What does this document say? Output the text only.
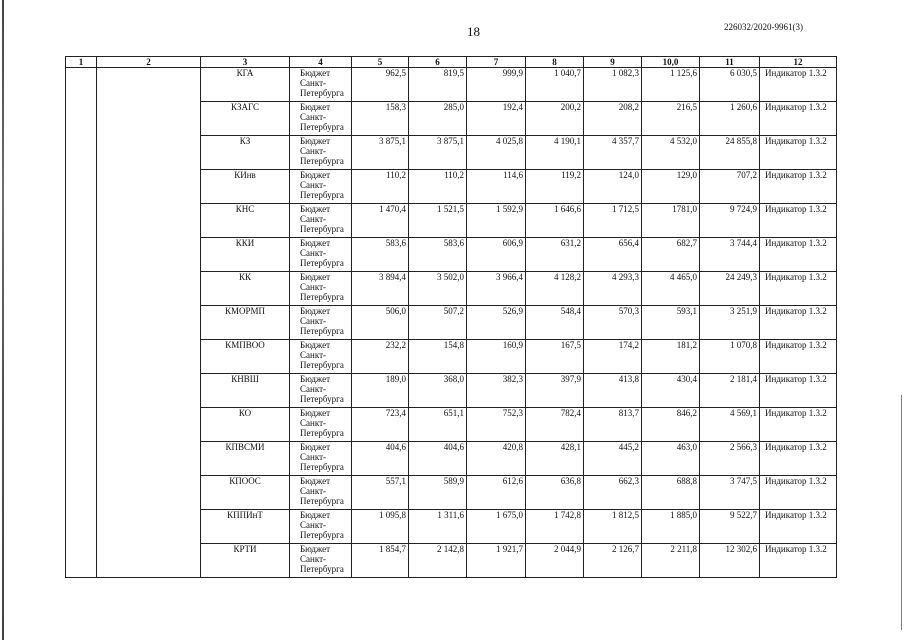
18	226032/2020-9961(3)
1	2	3	4	5	6	7	8	9	10,0	11	12
		КГА	Бюджет Санкт-Петербурга	962,5	819,5	999,9	1 040,7	1 082,3	1 125,6	6 030,5	Индикатор 1.3.2
		КЗАГС	Бюджет Санкт-Петербурга	158,3	285,0	192,4	200,2	208,2	216,5	1 260,6	Индикатор 1.3.2
		КЗ	Бюджет Санкт-Петербурга	3 875,1	3 875,1	4 025,8	4 190,1	4 357,7	4 532,0	24 855,8	Индикатор 1.3.2
		КИнв	Бюджет Санкт-Петербурга	110,2	110,2	114,6	119,2	124,0	129,0	707,2	Индикатор 1.3.2
		КНС	Бюджет Санкт-Петербурга	1 470,4	1 521,5	1 592,9	1 646,6	1 712,5	1781,0	9 724,9	Индикатор 1.3.2
		ККИ	Бюджет Санкт-Петербурга	583,6	583,6	606,9	631,2	656,4	682,7	3 744,4	Индикатор 1.3.2
		КК	Бюджет Санкт-Петербурга	3 894,4	3 502,0	3 966,4	4 128,2	4 293,3	4 465,0	24 249,3	Индикатор 1.3.2
		КМОРМП	Бюджет Санкт-Петербурга	506,0	507,2	526,9	548,4	570,3	593,1	3 251,9	Индикатор 1.3.2
		КМПВОО	Бюджет Санкт-Петербурга	232,2	154,8	160,9	167,5	174,2	181,2	1 070,8	Индикатор 1.3.2
		КНВШ	Бюджет Санкт-Петербурга	189,0	368,0	382,3	397,9	413,8	430,4	2 181,4	Индикатор 1.3.2
		КО	Бюджет Санкт-Петербурга	723,4	651,1	752,3	782,4	813,7	846,2	4 569,1	Индикатор 1.3.2
		КПВСМИ	Бюджет Санкт-Петербурга	404,6	404,6	420,8	428,1	445,2	463,0	2 566,3	Индикатор 1.3.2
		КПООС	Бюджет Санкт-Петербурга	557,1	589,9	612,6	636,8	662,3	688,8	3 747,5	Индикатор 1.3.2
		КППИнТ	Бюджет Санкт-Петербурга	1 095,8	1 311,6	1 675,0	1 742,8	1 812,5	1 885,0	9 522,7	Индикатор 1.3.2
		КРТИ	Бюджет Санкт-Петербурга	1 854,7	2 142,8	1 921,7	2 044,9	2 126,7	2 211,8	12 302,6	Индикатор 1.3.2
